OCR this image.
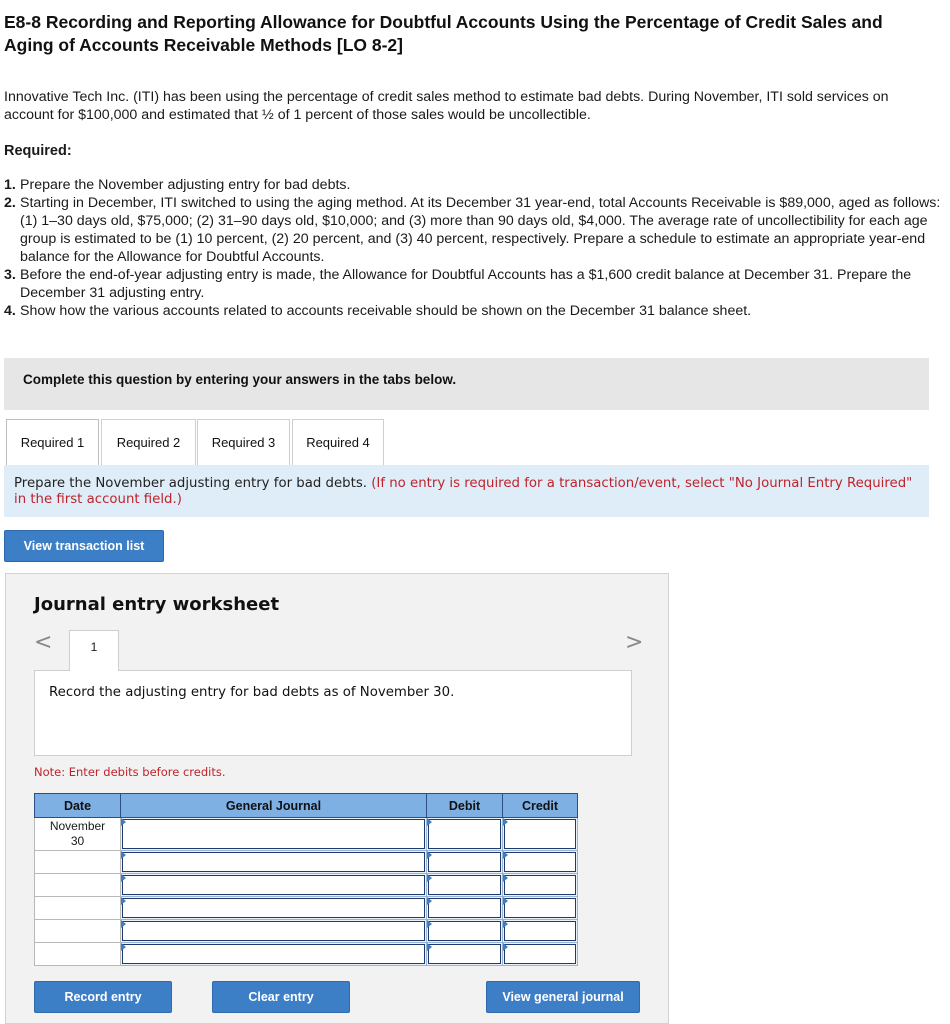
E8-8 Recording and Reporting Allowance for Doubtful Accounts Using the Percentage of Credit Sales and Aging of Accounts Receivable Methods [LO 8-2]
Innovative Tech Inc. (ITI) has been using the percentage of credit sales method to estimate bad debts. During November, ITI sold services on account for $100,000 and estimated that ½ of 1 percent of those sales would be uncollectible.
Required:
1. Prepare the November adjusting entry for bad debts.
2. Starting in December, ITI switched to using the aging method. At its December 31 year-end, total Accounts Receivable is $89,000, aged as follows: (1) 1–30 days old, $75,000; (2) 31–90 days old, $10,000; and (3) more than 90 days old, $4,000. The average rate of uncollectibility for each age group is estimated to be (1) 10 percent, (2) 20 percent, and (3) 40 percent, respectively. Prepare a schedule to estimate an appropriate year-end balance for the Allowance for Doubtful Accounts.
3. Before the end-of-year adjusting entry is made, the Allowance for Doubtful Accounts has a $1,600 credit balance at December 31. Prepare the December 31 adjusting entry.
4. Show how the various accounts related to accounts receivable should be shown on the December 31 balance sheet.
Complete this question by entering your answers in the tabs below.
Required 1	Required 2	Required 3	Required 4
Prepare the November adjusting entry for bad debts. (If no entry is required for a transaction/event, select "No Journal Entry Required" in the first account field.)
View transaction list
Journal entry worksheet
<	1	>
Record the adjusting entry for bad debts as of November 30.
Note: Enter debits before credits.
Date	General Journal	Debit	Credit

November
30			

Record entry	Clear entry	View general journal
